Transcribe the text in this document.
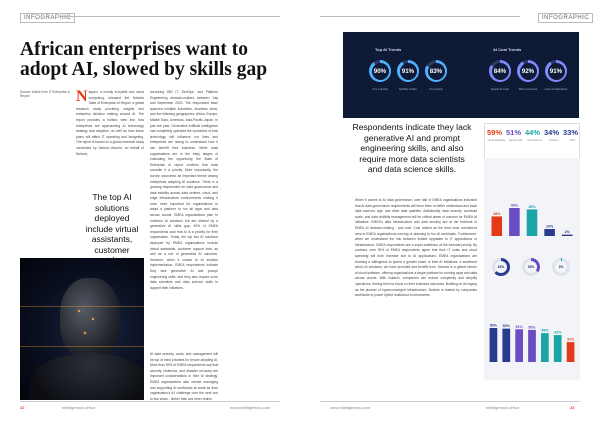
INFOGRAPHIC
African enterprises want to adopt AI, slowed by skills gap
Source: Article from IT Enterprise & Report	Naspen, a mostly in-hybrid and cloud computing, released the Nutanix State of Enterprise AI Report, a global research study providing insights into enterprise decision making around AI. The report provides a holistic view into how enterprises are approaching AI technology strategy and adoption, as well as how future plans will affect IT spending and budgeting. The report is based on a global research study conducted by Vanson Bourne, on behalf of Nutanix,
The top AI solutions deployed include virtual assistants, customer
surveying 650 IT, DevOps, and Platform Engineering decision-makers between July and September 2023. The respondent base spanned multiple industries, business sizes, and the following geographies: Africa, Europe, Middle East, Americas, Asia-Pacific-Japan. In just one year, Generative Artificial Intelligence has completely upended the worldview of how technology will influence our lives and enterprises are racing to understand how it can benefit their business. While most organisations are in the early stages of evaluating the opportunity, the State of Enterprise AI report confirms that most consider it a priority. More importantly, the survey uncovered an important theme among enterprises adopting AI solutions. There is a growing requirement for data governance and data mobility across data centres, cloud, and edge infrastructure environments making it even more important for organisations to adopt a platform to run all apps and data across clouds. EMEA organisations plan to embrace AI solutions but are slowed by a generative AI skills gap. 90% of EMEA respondents said that AI is a priority for their organisation. Today, the top two AI solutions deployed by EMEA organisations include virtual assistants, customer support bots, as well as a mix of generative AI solutions. However, when it comes to AI solution implementation, EMEA respondents indicate they lack generative AI and prompt engineering skills, and they also require more data scientists and data science skills to support their initiatives.
AI data security, costs, and management will be top of mind priorities for tenure adopting AI. More than 80% of EMEA respondents say that security, resilience, and disaster recovery are important considerations in their AI strategy. EMEA organisations also named managing and supporting AI workloads at scale as their organisation's #1 challenge over the next one to two years - higher than any other region.
22	intelligentcio africa	www.intelligentcio.com
INFOGRAPHIC
Top AI Trends	AI Cost Trends
90%
AI is a priority
91%
Mobility of data
83%
AI is priority
84%
Expect AI costs
92%
Plan to increase
91%
Cost considerations
Respondents indicate they lack generative AI and prompt engineering skills, and also require more data scientists and data science skills.
59%
Virtual assistants
51%
Support bots
44%
Generative AI
34%
Analytics
33%
Other
When it comes to AI data governance, over half of EMEA organisations indicated that AI data governance requirements will force them to better understand and track data sources, age, and other data qualities. Additionally, data security, workload scale, and data visibility management will be critical areas of concern for EMEA AI initiatives. EMEA's data infrastructure and data security are at the forefront of EMEA AI decision-making - and cost. Cost ranked as the third most considered area in EMEA organisations running or planning to run AI workloads. Furthermore, when we understand the link between limited upgrades to IT applications or infrastructure, EMEA respondents are a super-ambitious at the forecast priority. By contrast, over 90% of EMEA respondents agree that their IT costs and cloud spending will both increase due to AI applications. EMEA organisations are showing a willingness to spend a greater share of their AI initiatives, a sentiment which AI solutions, we have provided and benefit from. Nutanix is a global vendor of cloud software, offering organisations a single platform for running apps and data across clouds. With Nutanix, companies can reduce complexity and simplify operations, freeing them to focus on their business outcomes. Building on its legacy as the pioneer of hyperconverged infrastructure, Nutanix is trusted by companies worldwide to power hybrid multicloud environments.
28%
40%	38%
10%
2%
63%	35%	2%
53% 52% 51% 50%
45% 42%
31%
www.intelligentcio.com	intelligentcio africa	23
